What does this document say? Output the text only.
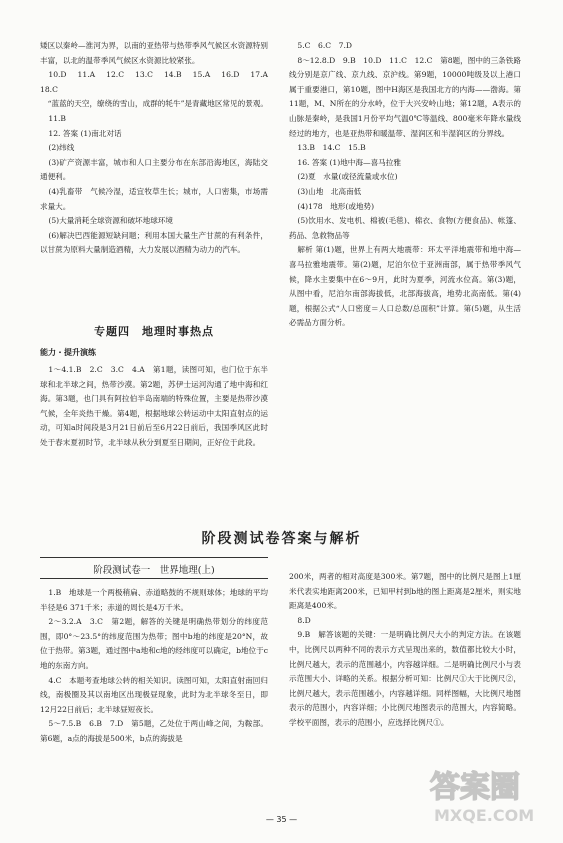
矮区以秦岭—淮河为界，以南的亚热带与热带季风气候区水资源特别丰富，以北的温带季风气候区水资源比较紧张。

10.D　11.A　12.C　13.C　14.B　15.A　16.D　17.A　18.C

　“蓝蓝的天空，缭绕的雪山，成群的牦牛”是青藏地区常见的景观。

11.B

12. 答案 (1)南北对话

(2)纬线

(3)矿产资源丰富，城市和人口主要分布在东部沿海地区，海陆交通便利。

(4)乳畜带　气候冷湿，适宜牧草生长；城市，人口密集，市场需求量大。

(5)大量消耗全球资源和破坏地球环境

(6)解决巴西能源短缺问题；利用本国大量生产甘蔗的有利条件，以甘蔗为原料大量制造酒精，大力发展以酒精为动力的汽车。

专题四　地理时事热点
能力・提升演练

1～4.1.B　2.C　3.C　4.A　第1题，读图可知，也门位于东半球和北半球之间，热带沙漠。第2题，苏伊士运河沟通了地中海和红海。第3题，也门具有阿拉伯半岛南端的特殊位置，主要是热带沙漠气候，全年炎热干燥。第4题，根据地球公转运动中太阳直射点的运动，可知a时间段是3月21日前后至6月22日前后，我国季风区此时处于春末夏初时节，北半球从秋分到夏至日期间，正好位于此段。

5.C　6.C　7.D

8～12.8.D　9.B　10.D　11.C　12.C　第8题，图中的三条铁路线分别是京广线、京九线、京沪线。第9题，10000吨级及以上港口属于重要港口，第10题，图中H海区是我国北方的内海——渤海。第11题，M、N所在的分水岭，位于大兴安岭山地；第12题，A表示的山脉是秦岭，是我国1月份平均气温0℃等温线、800毫米年降水量线经过的地方，也是亚热带和暖温带、湿润区和半湿润区的分界线。

13.B　14.C　15.B

16. 答案 (1)地中海—喜马拉雅

(2)夏　水量(或径流量或水位)

(3)山地　北高南低

(4)178　地形(或地势)

(5)饮用水、发电机、棉被(毛毯)、棉衣、食物(方便食品)、帐篷、药品、急救物品等

解析 第(1)题，世界上有两大地震带：环太平洋地震带和地中海—喜马拉雅地震带。第(2)题，尼泊尔位于亚洲南部，属于热带季风气候，降水主要集中在6～9月，此时为夏季，河流水位高。第(3)题，从图中看，尼泊尔南部海拔低，北部海拔高，地势北高南低。第(4)题，根据公式“人口密度＝人口总数/总面积”计算。第(5)题，从生活必需品方面分析。

阶段测试卷答案与解析
阶段测试卷一　世界地理(上)

1.B　地球是一个两极稍扁、赤道略鼓的不规则球体；地球的平均半径是6 371千米；赤道的周长是4万千米。

2～3.2.A　3.C　第2题，解答的关键是明确热带划分的纬度范围，即0°～23.5°的纬度范围为热带；图中b地的纬度是20°N，故位于热带。第3题，通过图中a地和c地的经纬度可以确定，b地位于c地的东南方向。

4.C　本题考查地球公转的相关知识。读图可知，太阳直射南回归线，南极圈及其以南地区出现极昼现象，此时为北半球冬至日，即12月22日前后；北半球昼短夜长。

5～7.5.B　6.B　7.D　第5题，乙处位于两山峰之间，为鞍部。第6题，a点的海拔是500米，b点的海拔是

200米，两者的相对高度是300米。第7题，图中的比例尺是图上1厘米代表实地距离200米，已知甲村到b地的图上距离是2厘米，则实地距离是400米。

8.D

9.B　解答该题的关键：一是明确比例尺大小的判定方法。在该题中，比例尺以两种不同的表示方式呈现出来的，数值都比较大小时，比例尺越大，表示的范围越小，内容越详细。二是明确比例尺小与表示范围大小、详略的关系。根据分析可知：比例尺①大于比例尺②，比例尺越大，表示范围越小，内容越详细。同样图幅，大比例尺地图表示的范围小，内容详细；小比例尺地图表示的范围大，内容简略。学校平面图，表示的范围小，应选择比例尺①。

— 35 —
答案圈
MXQE.COM
